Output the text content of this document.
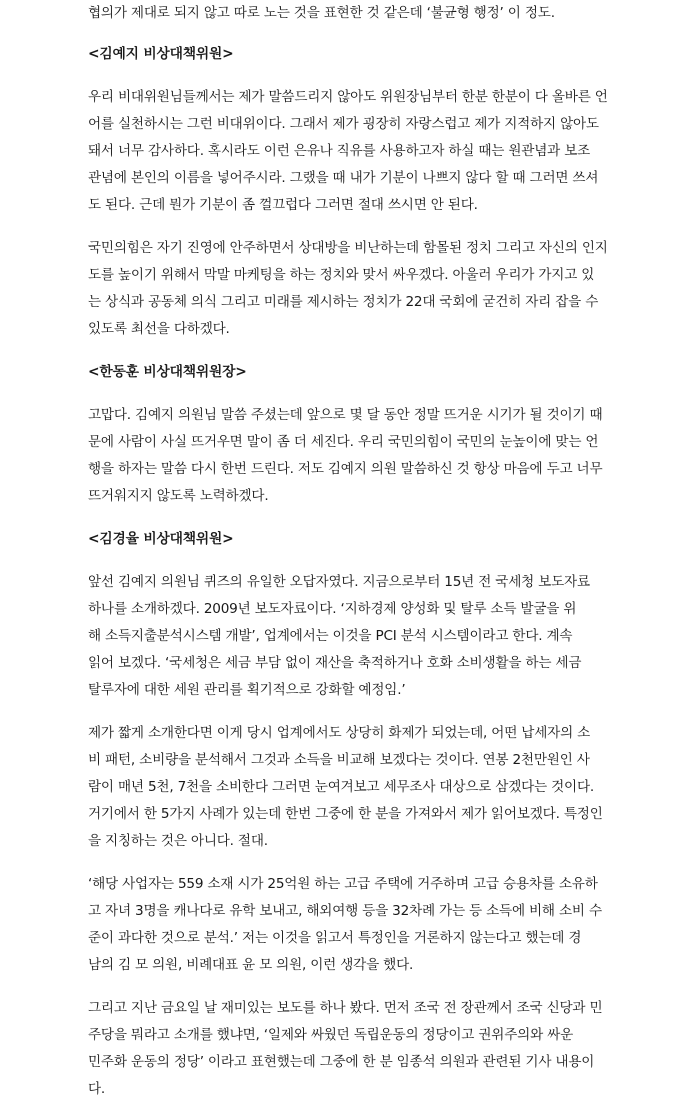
협의가 제대로 되지 않고 따로 노는 것을 표현한 것 같은데 ‘불균형 행정’ 이 정도.
<김예지 비상대책위원>
우리 비대위원님들께서는 제가 말씀드리지 않아도 위원장님부터 한분 한분이 다 올바른 언
어를 실천하시는 그런 비대위이다. 그래서 제가 굉장히 자랑스럽고 제가 지적하지 않아도
돼서 너무 감사하다. 혹시라도 이런 은유나 직유를 사용하고자 하실 때는 원관념과 보조
관념에 본인의 이름을 넣어주시라. 그랬을 때 내가 기분이 나쁘지 않다 할 때 그러면 쓰셔
도 된다. 근데 뭔가 기분이 좀 껄끄럽다 그러면 절대 쓰시면 안 된다.
국민의힘은 자기 진영에 안주하면서 상대방을 비난하는데 함몰된 정치 그리고 자신의 인지
도를 높이기 위해서 막말 마케팅을 하는 정치와 맞서 싸우겠다. 아울러 우리가 가지고 있
는 상식과 공동체 의식 그리고 미래를 제시하는 정치가 22대 국회에 굳건히 자리 잡을 수
있도록 최선을 다하겠다.
<한동훈 비상대책위원장>
고맙다. 김예지 의원님 말씀 주셨는데 앞으로 몇 달 동안 정말 뜨거운 시기가 될 것이기 때
문에 사람이 사실 뜨거우면 말이 좀 더 세진다. 우리 국민의힘이 국민의 눈높이에 맞는 언
행을 하자는 말씀 다시 한번 드린다. 저도 김예지 의원 말씀하신 것 항상 마음에 두고 너무
뜨거워지지 않도록 노력하겠다.
<김경율 비상대책위원>
앞선 김예지 의원님 퀴즈의 유일한 오답자였다. 지금으로부터 15년 전 국세청 보도자료
하나를 소개하겠다. 2009년 보도자료이다. ‘지하경제 양성화 및 탈루 소득 발굴을 위
해 소득지출분석시스템 개발’, 업계에서는 이것을 PCI 분석 시스템이라고 한다. 계속
읽어 보겠다. ‘국세청은 세금 부담 없이 재산을 축적하거나 호화 소비생활을 하는 세금
탈루자에 대한 세원 관리를 획기적으로 강화할 예정임.’
제가 짧게 소개한다면 이게 당시 업계에서도 상당히 화제가 되었는데, 어떤 납세자의 소
비 패턴, 소비량을 분석해서 그것과 소득을 비교해 보겠다는 것이다. 연봉 2천만원인 사
람이 매년 5천, 7천을 소비한다 그러면 눈여겨보고 세무조사 대상으로 삼겠다는 것이다.
거기에서 한 5가지 사례가 있는데 한번 그중에 한 분을 가져와서 제가 읽어보겠다. 특정인
을 지칭하는 것은 아니다. 절대.
‘해당 사업자는 559 소재 시가 25억원 하는 고급 주택에 거주하며 고급 승용차를 소유하
고 자녀 3명을 캐나다로 유학 보내고, 해외여행 등을 32차례 가는 등 소득에 비해 소비 수
준이 과다한 것으로 분석.’ 저는 이것을 읽고서 특정인을 거론하지 않는다고 했는데 경
남의 김 모 의원, 비례대표 윤 모 의원, 이런 생각을 했다.
그리고 지난 금요일 날 재미있는 보도를 하나 봤다. 먼저 조국 전 장관께서 조국 신당과 민
주당을 뭐라고 소개를 했냐면, ‘일제와 싸웠던 독립운동의 정당이고 권위주의와 싸운
민주화 운동의 정당’ 이라고 표현했는데 그중에 한 분 임종석 의원과 관련된 기사 내용이
다.
